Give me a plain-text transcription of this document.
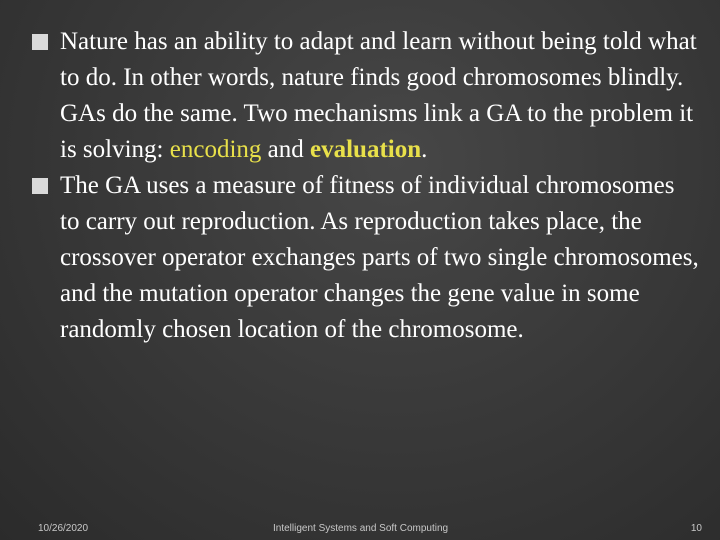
Nature has an ability to adapt and learn without being told what to do. In other words, nature finds good chromosomes blindly. GAs do the same. Two mechanisms link a GA to the problem it is solving: encoding and evaluation.

The GA uses a measure of fitness of individual chromosomes to carry out reproduction. As reproduction takes place, the crossover operator exchanges parts of two single chromosomes, and the mutation operator changes the gene value in some randomly chosen location of the chromosome.

10/26/2020	Intelligent Systems and Soft Computing	10
